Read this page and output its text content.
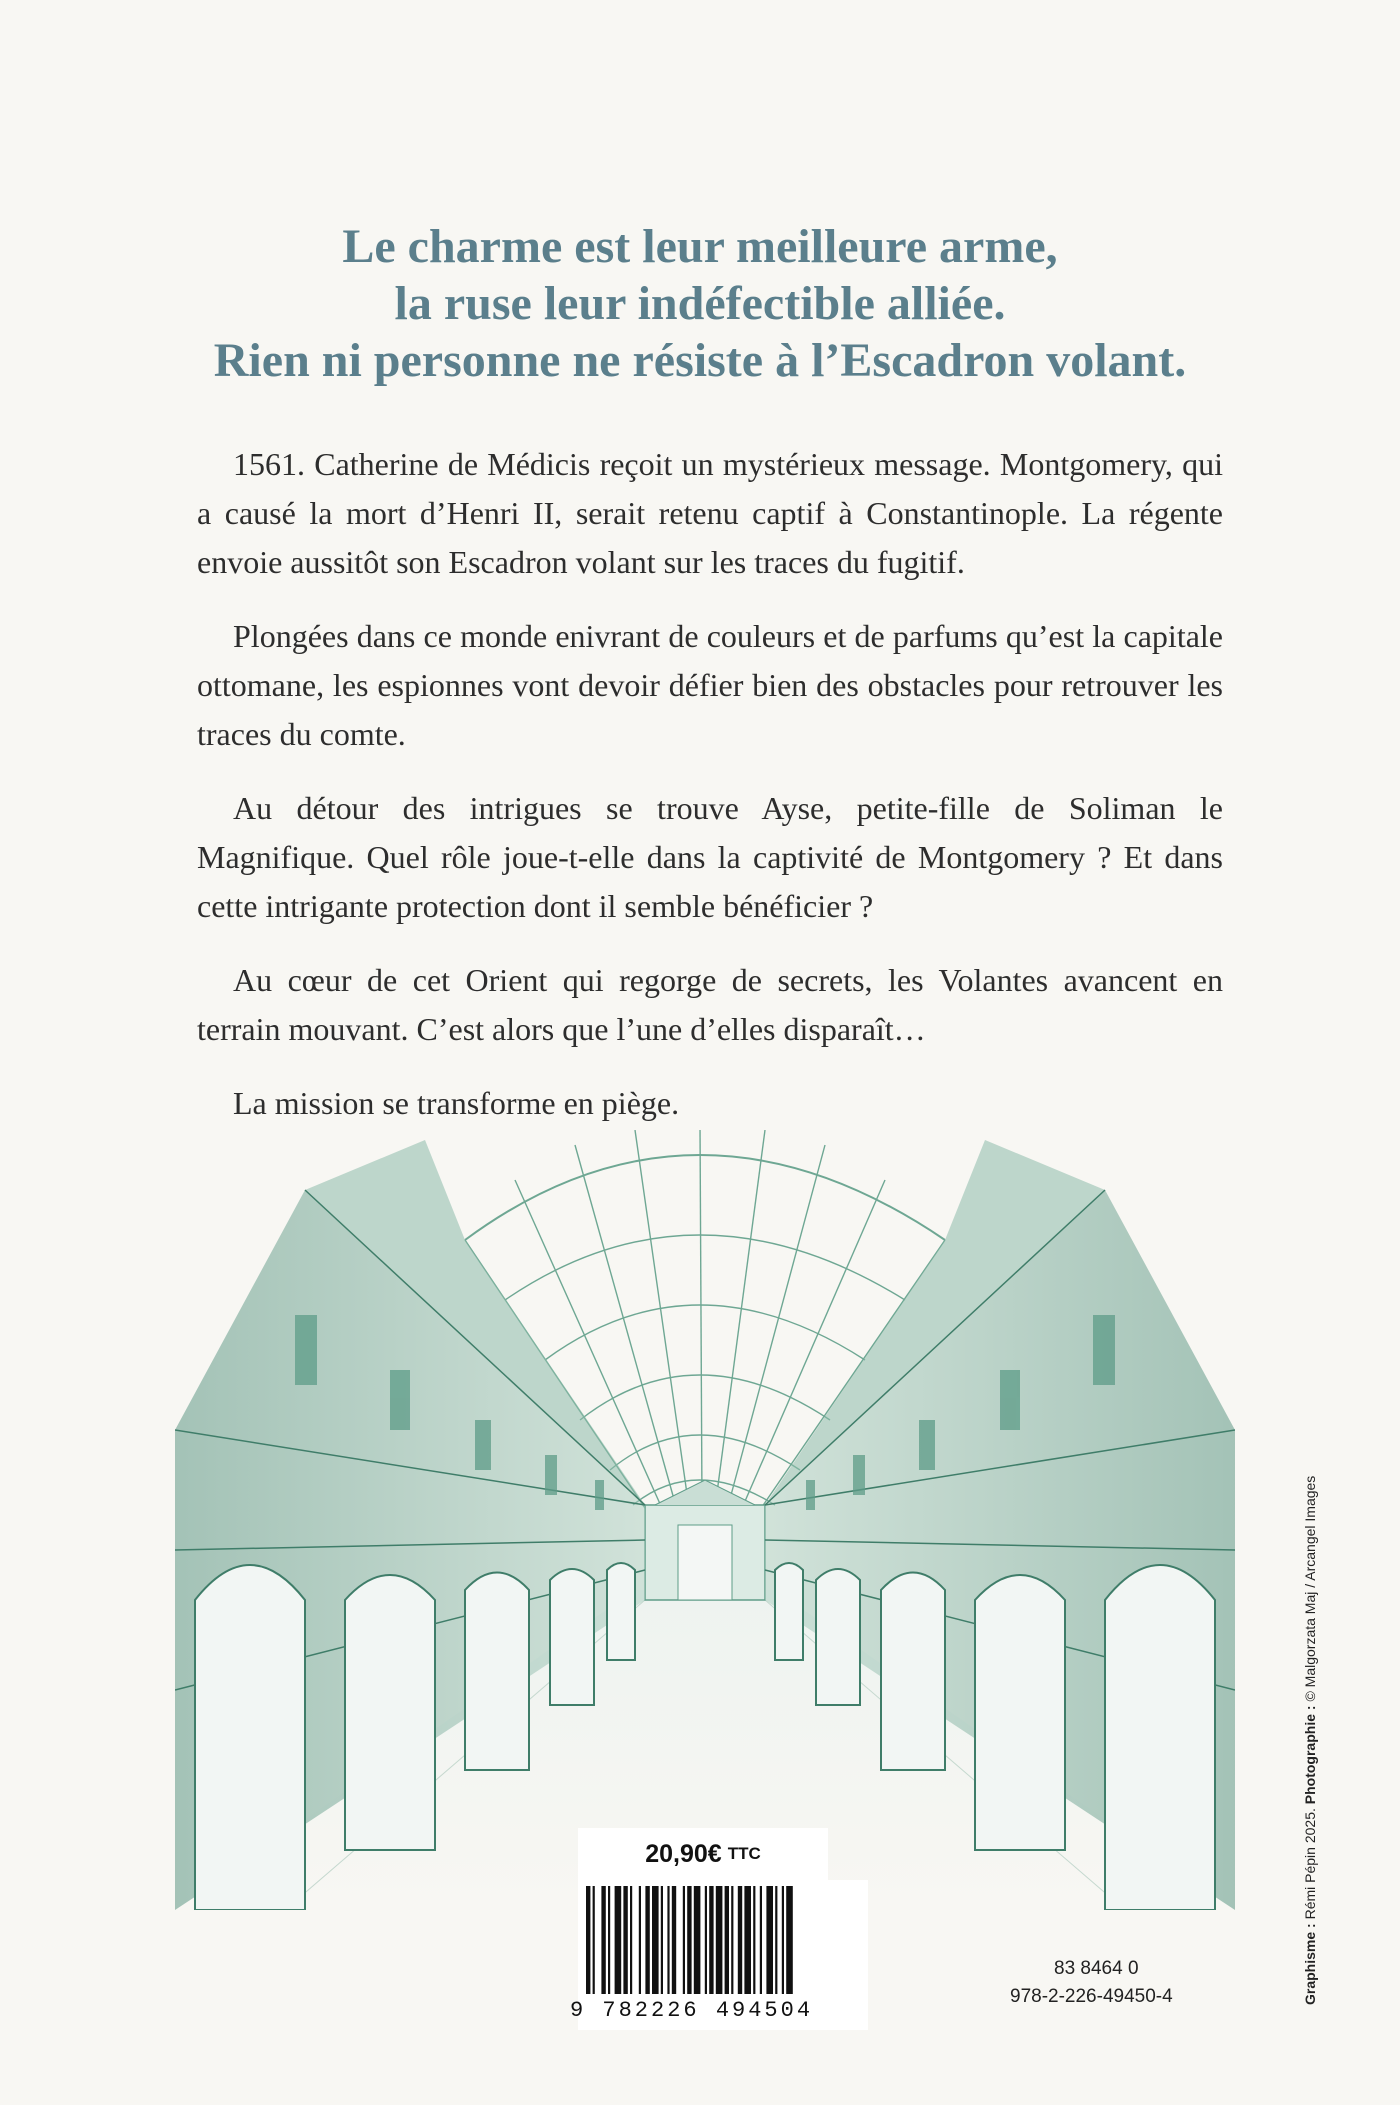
Le charme est leur meilleure arme,
la ruse leur indéfectible alliée.
Rien ni personne ne résiste à l’Escadron volant.

1561. Catherine de Médicis reçoit un mystérieux message. Montgomery, qui a causé la mort d’Henri II, serait retenu captif à Constantinople. La régente envoie aussitôt son Escadron volant sur les traces du fugitif.

Plongées dans ce monde enivrant de couleurs et de parfums qu’est la capitale ottomane, les espionnes vont devoir défier bien des obstacles pour retrouver les traces du comte.

Au détour des intrigues se trouve Ayse, petite-fille de Soliman le Magnifique. Quel rôle joue-t-elle dans la captivité de Montgomery ? Et dans cette intrigante protection dont il semble bénéficier ?

Au cœur de cet Orient qui regorge de secrets, les Volantes avancent en terrain mouvant. C’est alors que l’une d’elles disparaît…

La mission se transforme en piège.

20,90€ TTC
9 782226 494504
83 8464 0
978-2-226-49450-4	Graphisme : Rémi Pépin 2025. Photographie : © Malgorzata Maj / Arcangel Images
